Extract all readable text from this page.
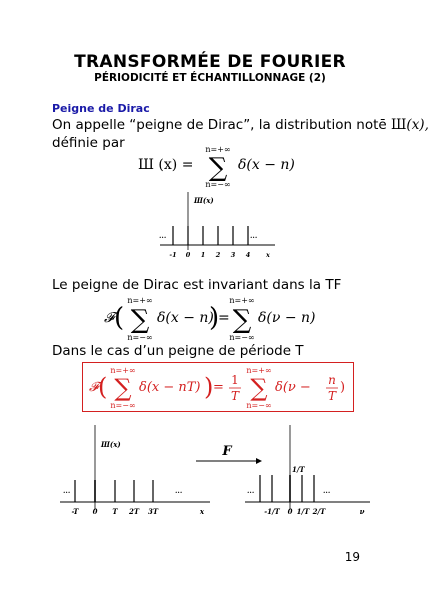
TRANSFORMÉE DE FOURIER
PÉRIODICITÉ ET ÉCHANTILLONNAGE (2)
Peigne de Dirac
On appelle “peigne de Dirac”, la distribution notē Ш(x),
définie par
Ш (x) =
n=+∞
∑
n=−∞
δ(x − n)
Ш(x)
...	...
-1 0 1 2 3 4 x
Le peigne de Dirac est invariant dans la TF
𝓕 (
n=+∞
∑
n=−∞
δ(x − n)
)
=
n=+∞
∑
n=−∞
δ(ν − n)
Dans le cas d’un peigne de période T
𝓕 (
n=+∞
∑
n=−∞
δ(x − nT) ) = 1
T
n=+∞
∑
n=−∞
δ(ν − n
T
)
Ш(x)
...	...
-T 0 T 2T 3T	x
F
1/T
...	...
-1/T 0 1/T 2/T	ν
19
